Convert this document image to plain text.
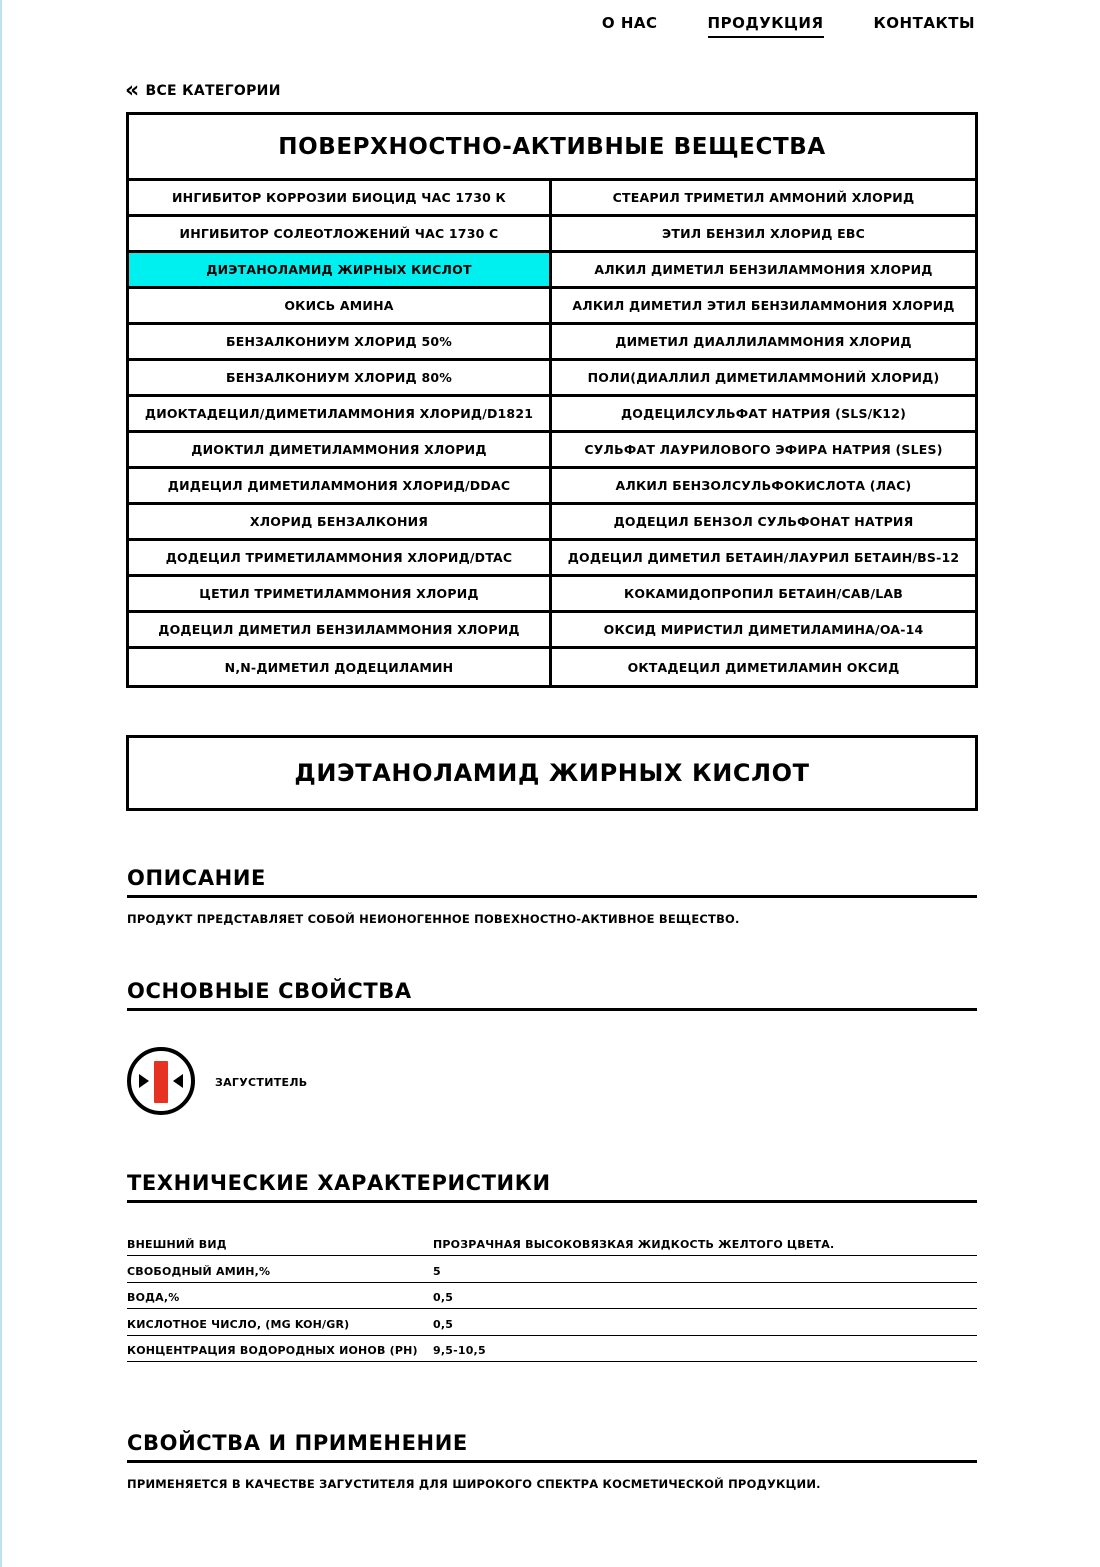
О НАС	ПРОДУКЦИЯ	КОНТАКТЫ
« ВСЕ КАТЕГОРИИ
ПОВЕРХНОСТНО-АКТИВНЫЕ ВЕЩЕСТВА
ИНГИБИТОР КОРРОЗИИ БИОЦИД ЧАС 1730 К	СТЕАРИЛ ТРИМЕТИЛ АММОНИЙ ХЛОРИД
ИНГИБИТОР СОЛЕОТЛОЖЕНИЙ ЧАС 1730 С	ЭТИЛ БЕНЗИЛ ХЛОРИД EBC
ДИЭТАНОЛАМИД ЖИРНЫХ КИСЛОТ	АЛКИЛ ДИМЕТИЛ БЕНЗИЛАММОНИЯ ХЛОРИД
ОКИСЬ АМИНА	АЛКИЛ ДИМЕТИЛ ЭТИЛ БЕНЗИЛАММОНИЯ ХЛОРИД
БЕНЗАЛКОНИУМ ХЛОРИД 50%	ДИМЕТИЛ ДИАЛЛИЛАММОНИЯ ХЛОРИД
БЕНЗАЛКОНИУМ ХЛОРИД 80%	ПОЛИ(ДИАЛЛИЛ ДИМЕТИЛАММОНИЙ ХЛОРИД)
ДИОКТАДЕЦИЛ/ДИМЕТИЛАММОНИЯ ХЛОРИД/D1821	ДОДЕЦИЛСУЛЬФАТ НАТРИЯ (SLS/K12)
ДИОКТИЛ ДИМЕТИЛАММОНИЯ ХЛОРИД	СУЛЬФАТ ЛАУРИЛОВОГО ЭФИРА НАТРИЯ (SLES)
ДИДЕЦИЛ ДИМЕТИЛАММОНИЯ ХЛОРИД/DDAC	АЛКИЛ БЕНЗОЛСУЛЬФОКИСЛОТА (ЛАС)
ХЛОРИД БЕНЗАЛКОНИЯ	ДОДЕЦИЛ БЕНЗОЛ СУЛЬФОНАТ НАТРИЯ
ДОДЕЦИЛ ТРИМЕТИЛАММОНИЯ ХЛОРИД/DTAC	ДОДЕЦИЛ ДИМЕТИЛ БЕТАИН/ЛАУРИЛ БЕТАИН/BS-12
ЦЕТИЛ ТРИМЕТИЛАММОНИЯ ХЛОРИД	КОКАМИДОПРОПИЛ БЕТАИН/CAB/LAB
ДОДЕЦИЛ ДИМЕТИЛ БЕНЗИЛАММОНИЯ ХЛОРИД	ОКСИД МИРИСТИЛ ДИМЕТИЛАМИНА/OA-14
N,N-ДИМЕТИЛ ДОДЕЦИЛАМИН	ОКТАДЕЦИЛ ДИМЕТИЛАМИН ОКСИД
ДИЭТАНОЛАМИД ЖИРНЫХ КИСЛОТ
ОПИСАНИЕ

ПРОДУКТ ПРЕДСТАВЛЯЕТ СОБОЙ НЕИОНОГЕННОЕ ПОВЕХНОСТНО-АКТИВНОЕ ВЕЩЕСТВО.

ОСНОВНЫЕ СВОЙСТВА
ЗАГУСТИТЕЛЬ
ТЕХНИЧЕСКИЕ ХАРАКТЕРИСТИКИ
ВНЕШНИЙ ВИД	ПРОЗРАЧНАЯ ВЫСОКОВЯЗКАЯ ЖИДКОСТЬ ЖЕЛТОГО ЦВЕТА.
СВОБОДНЫЙ АМИН,%	5
ВОДА,%	0,5
КИСЛОТНОЕ ЧИСЛО, (MG KOH/GR)	0,5
КОНЦЕНТРАЦИЯ ВОДОРОДНЫХ ИОНОВ (PH)	9,5-10,5
СВОЙСТВА И ПРИМЕНЕНИЕ

ПРИМЕНЯЕТСЯ В КАЧЕСТВЕ ЗАГУСТИТЕЛЯ ДЛЯ ШИРОКОГО СПЕКТРА КОСМЕТИЧЕСКОЙ ПРОДУКЦИИ.
